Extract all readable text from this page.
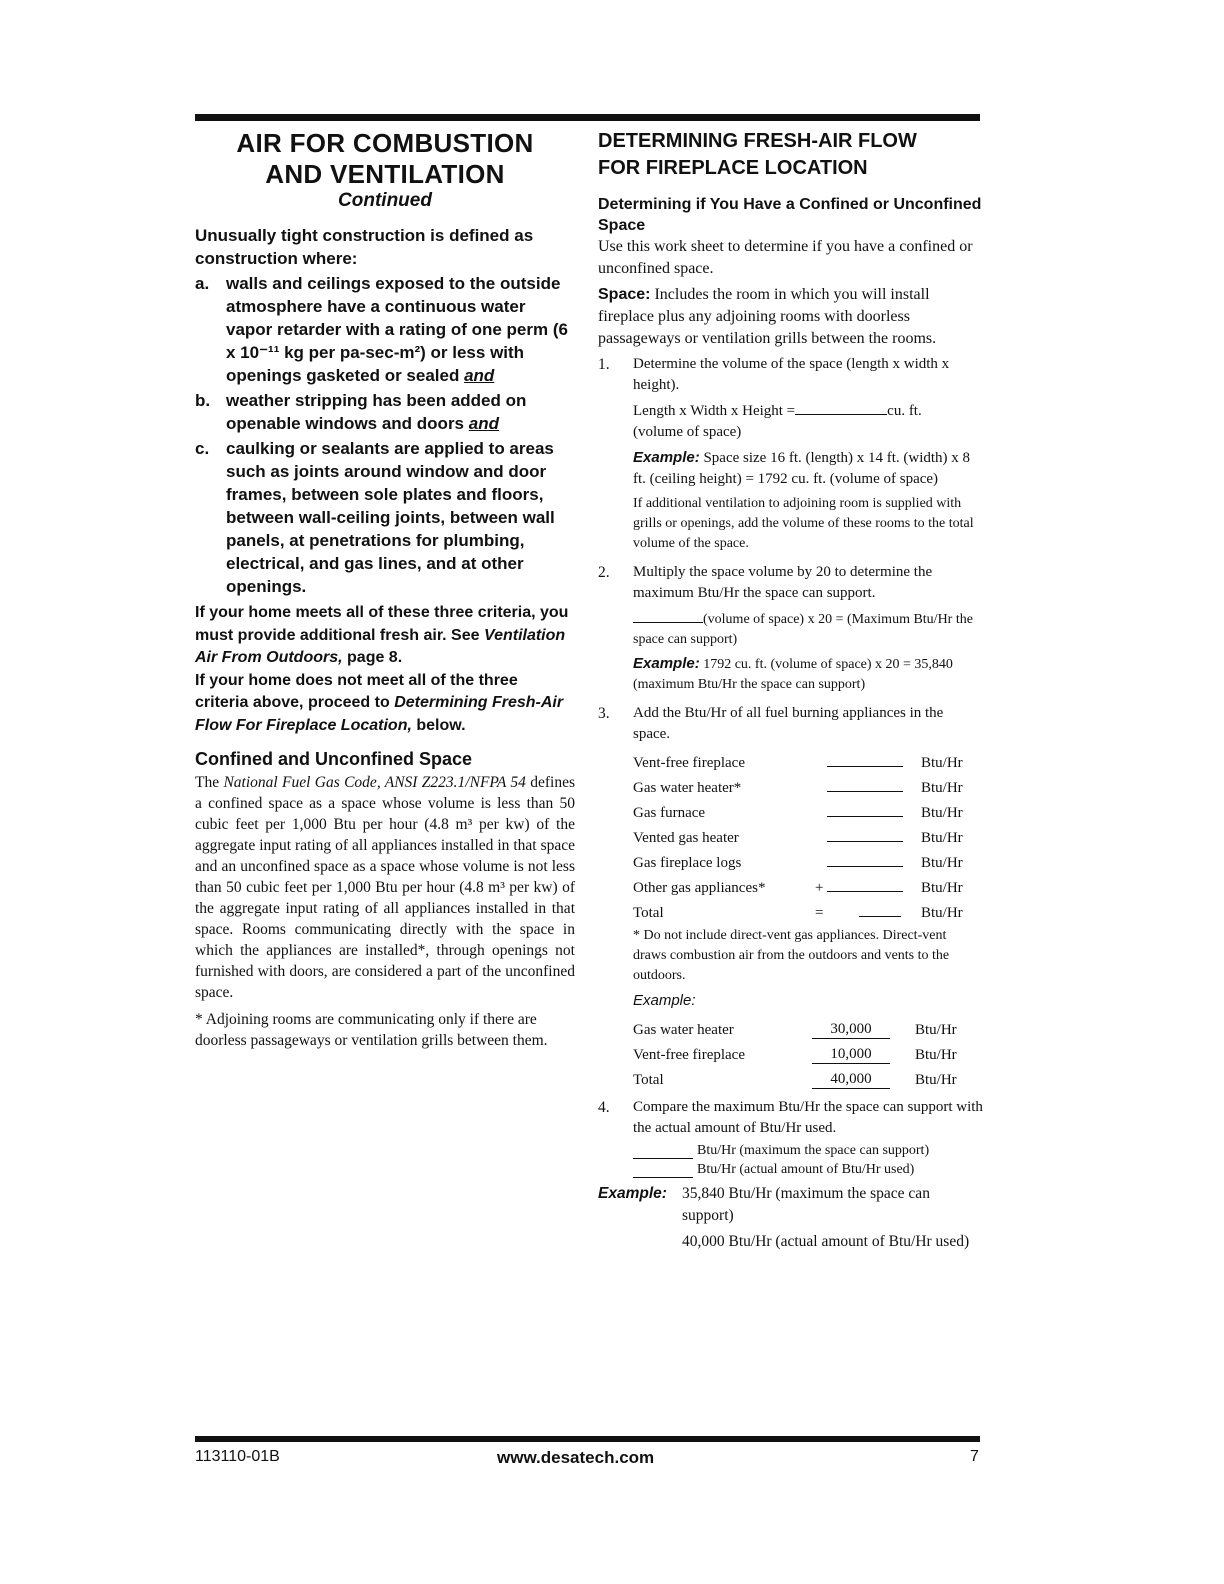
AIR FOR COMBUSTION
AND VENTILATION

Continued

Unusually tight construction is defined as construction where:

a. walls and ceilings exposed to the outside atmosphere have a continuous water vapor retarder with a rating of one perm (6 x 10⁻¹¹ kg per pa-sec-m²) or less with openings gasketed or sealed and
b. weather stripping has been added on openable windows and doors and
c. caulking or sealants are applied to areas such as joints around window and door frames, between sole plates and floors, between wall-ceiling joints, between wall panels, at penetrations for plumbing, electrical, and gas lines, and at other openings.

If your home meets all of these three criteria, you must provide additional fresh air. See Ventilation Air From Outdoors, page 8.

If your home does not meet all of the three criteria above, proceed to Determining Fresh-Air Flow For Fireplace Location, below.

Confined and Unconfined Space

The National Fuel Gas Code, ANSI Z223.1/NFPA 54 defines a confined space as a space whose volume is less than 50 cubic feet per 1,000 Btu per hour (4.8 m³ per kw) of the aggregate input rating of all appliances installed in that space and an unconfined space as a space whose volume is not less than 50 cubic feet per 1,000 Btu per hour (4.8 m³ per kw) of the aggregate input rating of all appliances installed in that space. Rooms communicating directly with the space in which the appliances are installed*, through openings not furnished with doors, are considered a part of the unconfined space.

* Adjoining rooms are communicating only if there are doorless passageways or ventilation grills between them.

DETERMINING FRESH-AIR FLOW
FOR FIREPLACE LOCATION

Determining if You Have a Confined or Unconfined Space

Use this work sheet to determine if you have a confined or unconfined space.

Space: Includes the room in which you will install fireplace plus any adjoining rooms with doorless passageways or ventilation grills between the rooms.

1.	Determine the volume of the space (length x width x height).

Length x Width x Height =	cu. ft.

(volume of space)

Example: Space size 16 ft. (length) x 14 ft. (width) x 8 ft. (ceiling height) = 1792 cu. ft. (volume of space)

If additional ventilation to adjoining room is supplied with grills or openings, add the volume of these rooms to the total volume of the space.

2.	Multiply the space volume by 20 to determine the maximum Btu/Hr the space can support.

(volume of space) x 20 = (Maximum Btu/Hr the space can support)

Example: 1792 cu. ft. (volume of space) x 20 = 35,840 (maximum Btu/Hr the space can support)

3.	Add the Btu/Hr of all fuel burning appliances in the space.

Vent-free fireplace			Btu/Hr
Gas water heater*			Btu/Hr
Gas furnace			Btu/Hr
Vented gas heater			Btu/Hr
Gas fireplace logs			Btu/Hr
Other gas appliances*	+		Btu/Hr
Total	=		Btu/Hr

* Do not include direct-vent gas appliances. Direct-vent draws combustion air from the outdoors and vents to the outdoors.

Example:

Gas water heater	30,000	Btu/Hr
Vent-free fireplace	10,000	Btu/Hr
Total	40,000	Btu/Hr
4.	Compare the maximum Btu/Hr the space can support with the actual amount of Btu/Hr used.

Btu/Hr (maximum the space can support)
Btu/Hr (actual amount of Btu/Hr used)
Example: 35,840 Btu/Hr (maximum the space can support)
40,000 Btu/Hr (actual amount of Btu/Hr used)
113110-01B	www.desatech.com	7
